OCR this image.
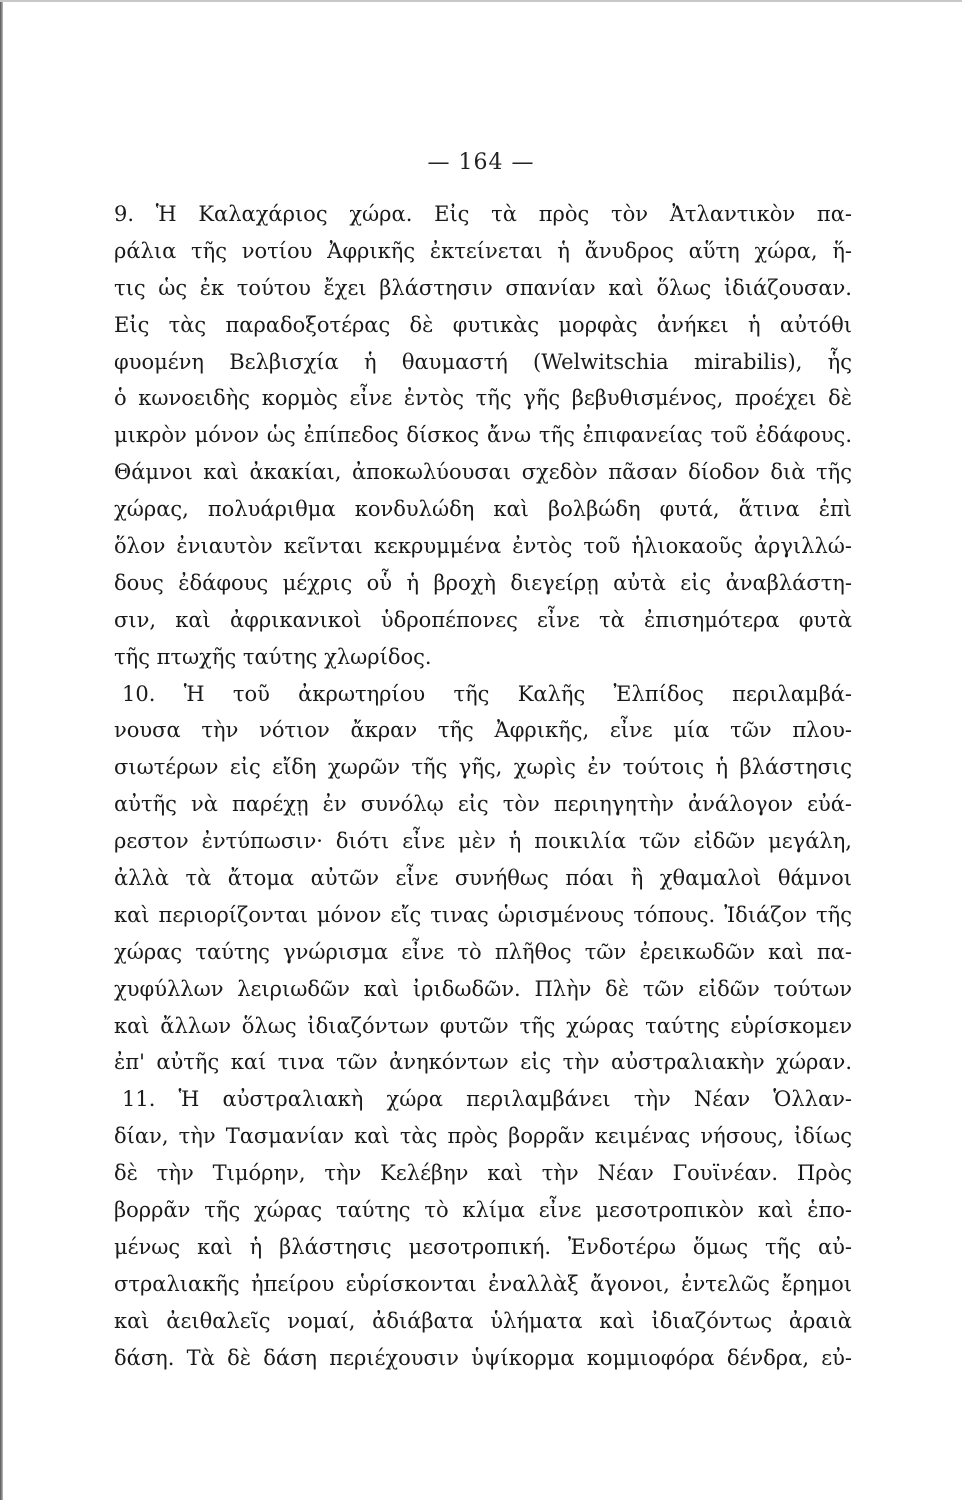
— 164 —
9. Ἡ Καλαχάριος χώρα. Εἰς τὰ πρὸς τὸν Ἀτλαντικὸν πα-
ράλια τῆς νοτίου Ἀφρικῆς ἐκτείνεται ἡ ἄνυδρος αὕτη χώρα, ἥ-
τις ὡς ἐκ τούτου ἔχει βλάστησιν σπανίαν καὶ ὅλως ἰδιάζουσαν.
Εἰς τὰς παραδοξοτέρας δὲ φυτικὰς μορφὰς ἀνήκει ἡ αὐτόθι
φυομένη Βελβισχία ἡ θαυμαστή (Welwitschia mirabilis), ἧς
ὁ κωνοειδὴς κορμὸς εἶνε ἐντὸς τῆς γῆς βεβυθισμένος, προέχει δὲ
μικρὸν μόνον ὡς ἐπίπεδος δίσκος ἄνω τῆς ἐπιφανείας τοῦ ἐδάφους.
Θάμνοι καὶ ἀκακίαι, ἀποκωλύουσαι σχεδὸν πᾶσαν δίοδον διὰ τῆς
χώρας, πολυάριθμα κονδυλώδη καὶ βολβώδη φυτά, ἅτινα ἐπὶ
ὅλον ἐνιαυτὸν κεῖνται κεκρυμμένα ἐντὸς τοῦ ἡλιοκαοῦς ἀργιλλώ-
δους ἐδάφους μέχρις οὗ ἡ βροχὴ διεγείρῃ αὐτὰ εἰς ἀναβλάστη-
σιν, καὶ ἀφρικανικοὶ ὑδροπέπονες εἶνε τὰ ἐπισημότερα φυτὰ
τῆς πτωχῆς ταύτης χλωρίδος.
10. Ἡ τοῦ ἀκρωτηρίου τῆς Καλῆς Ἐλπίδος περιλαμβά-
νουσα τὴν νότιον ἄκραν τῆς Ἀφρικῆς, εἶνε μία τῶν πλου-
σιωτέρων εἰς εἴδη χωρῶν τῆς γῆς, χωρὶς ἐν τούτοις ἡ βλάστησις
αὐτῆς νὰ παρέχῃ ἐν συνόλῳ εἰς τὸν περιηγητὴν ἀνάλογον εὐά-
ρεστον ἐντύπωσιν· διότι εἶνε μὲν ἡ ποικιλία τῶν εἰδῶν μεγάλη,
ἀλλὰ τὰ ἄτομα αὐτῶν εἶνε συνήθως πόαι ἢ χθαμαλοὶ θάμνοι
καὶ περιορίζονται μόνον εἴς τινας ὡρισμένους τόπους. Ἰδιάζον τῆς
χώρας ταύτης γνώρισμα εἶνε τὸ πλῆθος τῶν ἐρεικωδῶν καὶ πα-
χυφύλλων λειριωδῶν καὶ ἰριδωδῶν. Πλὴν δὲ τῶν εἰδῶν τούτων
καὶ ἄλλων ὅλως ἰδιαζόντων φυτῶν τῆς χώρας ταύτης εὑρίσκομεν
ἐπ' αὐτῆς καί τινα τῶν ἀνηκόντων εἰς τὴν αὐστραλιακὴν χώραν.
11. Ἡ αὐστραλιακὴ χώρα περιλαμβάνει τὴν Νέαν Ὁλλαν-
δίαν, τὴν Τασμανίαν καὶ τὰς πρὸς βορρᾶν κειμένας νήσους, ἰδίως
δὲ τὴν Τιμόρην, τὴν Κελέβην καὶ τὴν Νέαν Γουϊνέαν. Πρὸς
βορρᾶν τῆς χώρας ταύτης τὸ κλίμα εἶνε μεσοτροπικὸν καὶ ἑπο-
μένως καὶ ἡ βλάστησις μεσοτροπική. Ἐνδοτέρω ὅμως τῆς αὐ-
στραλιακῆς ἠπείρου εὑρίσκονται ἐναλλὰξ ἄγονοι, ἐντελῶς ἔρημοι
καὶ ἀειθαλεῖς νομαί, ἀδιάβατα ὑλήματα καὶ ἰδιαζόντως ἀραιὰ
δάση. Τὰ δὲ δάση περιέχουσιν ὑψίκορμα κομμιοφόρα δένδρα, εὐ-
